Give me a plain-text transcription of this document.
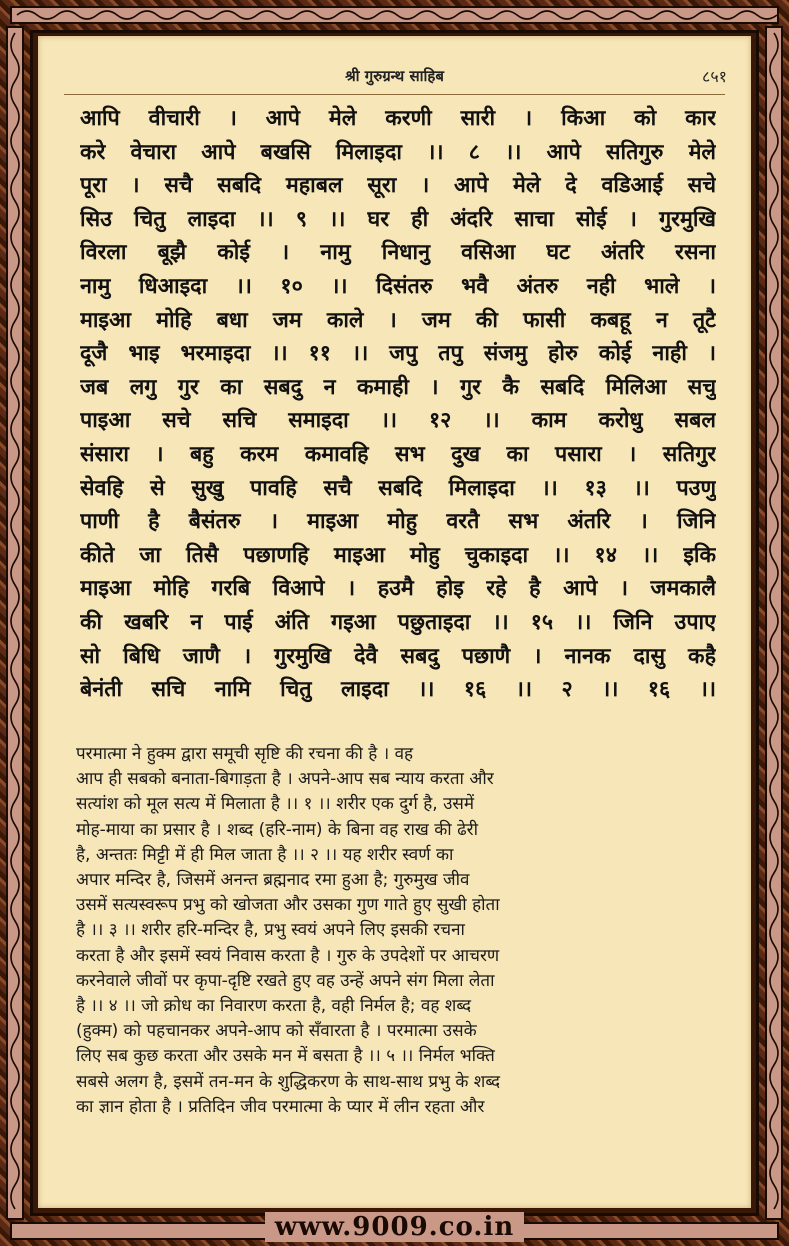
श्री गुरुग्रन्थ साहिब	८५१
आपि वीचारी । आपे मेले करणी सारी । किआ को कार
करे वेचारा आपे बखसि मिलाइदा ।। ८ ।। आपे सतिगुरु मेले
पूरा । सचै सबदि महाबल सूरा । आपे मेले दे वडिआई सचे
सिउ चितु लाइदा ।। ९ ।। घर ही अंदरि साचा सोई । गुरमुखि
विरला बूझै कोई । नामु निधानु वसिआ घट अंतरि रसना
नामु धिआइदा ।। १० ।। दिसंतरु भवै अंतरु नही भाले ।
माइआ मोहि बधा जम काले । जम की फासी कबहू न तूटै
दूजै भाइ भरमाइदा ।। ११ ।। जपु तपु संजमु होरु कोई नाही ।
जब लगु गुर का सबदु न कमाही । गुर कै सबदि मिलिआ सचु
पाइआ सचे सचि समाइदा ।। १२ ।। काम करोधु सबल
संसारा । बहु करम कमावहि सभ दुख का पसारा । सतिगुर
सेवहि से सुखु पावहि सचै सबदि मिलाइदा ।। १३ ।। पउणु
पाणी है बैसंतरु । माइआ मोहु वरतै सभ अंतरि । जिनि
कीते जा तिसै पछाणहि माइआ मोहु चुकाइदा ।। १४ ।। इकि
माइआ मोहि गरबि विआपे । हउमै होइ रहे है आपे । जमकालै
की खबरि न पाई अंति गइआ पछुताइदा ।। १५ ।। जिनि उपाए
सो बिधि जाणै । गुरमुखि देवै सबदु पछाणै । नानक दासु कहै
बेनंती सचि नामि चितु लाइदा ।। १६ ।। २ ।। १६ ।।
परमात्मा ने हुक्म द्वारा समूची सृष्टि की रचना की है । वह
आप ही सबको बनाता-बिगाड़ता है । अपने-आप सब न्याय करता और
सत्यांश को मूल सत्य में मिलाता है ।। १ ।। शरीर एक दुर्ग है, उसमें
मोह-माया का प्रसार है । शब्द (हरि-नाम) के बिना वह राख की ढेरी
है, अन्ततः मिट्टी में ही मिल जाता है ।। २ ।। यह शरीर स्वर्ण का
अपार मन्दिर है, जिसमें अनन्त ब्रह्मनाद रमा हुआ है; गुरुमुख जीव
उसमें सत्यस्वरूप प्रभु को खोजता और उसका गुण गाते हुए सुखी होता
है ।। ३ ।। शरीर हरि-मन्दिर है, प्रभु स्वयं अपने लिए इसकी रचना
करता है और इसमें स्वयं निवास करता है । गुरु के उपदेशों पर आचरण
करनेवाले जीवों पर कृपा-दृष्टि रखते हुए वह उन्हें अपने संग मिला लेता
है ।। ४ ।। जो क्रोध का निवारण करता है, वही निर्मल है; वह शब्द
(हुक्म) को पहचानकर अपने-आप को सँवारता है । परमात्मा उसके
लिए सब कुछ करता और उसके मन में बसता है ।। ५ ।। निर्मल भक्ति
सबसे अलग है, इसमें तन-मन के शुद्धिकरण के साथ-साथ प्रभु के शब्द
का ज्ञान होता है । प्रतिदिन जीव परमात्मा के प्यार में लीन रहता और
www.9009.co.in
